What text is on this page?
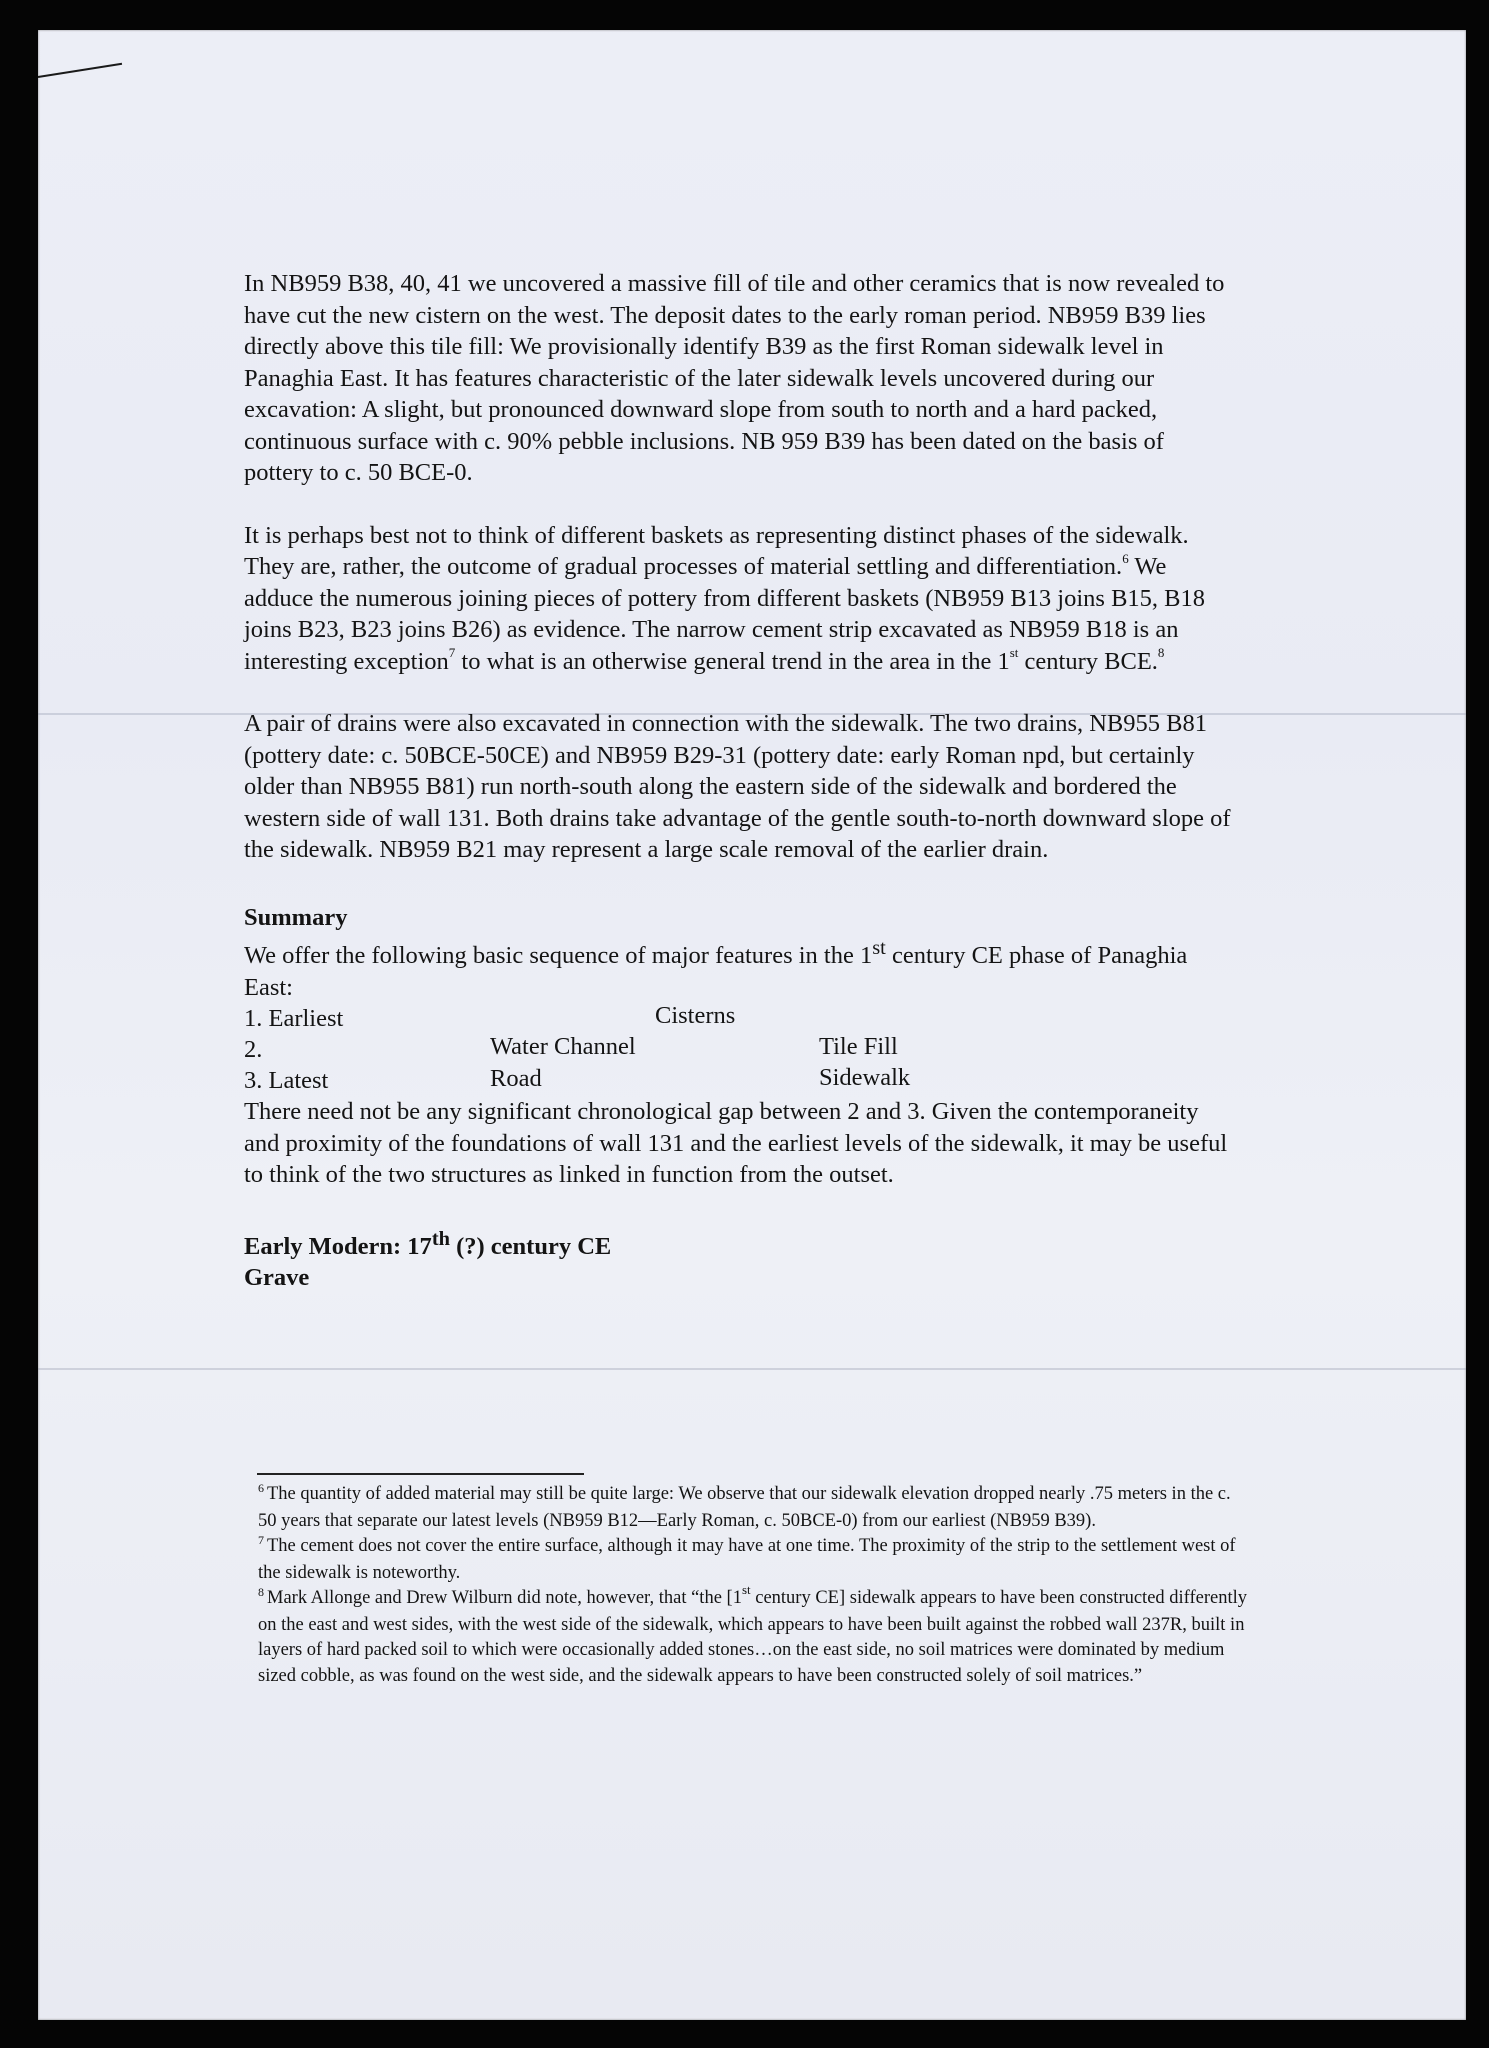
In NB959 B38, 40, 41 we uncovered a massive fill of tile and other ceramics that is now revealed to have cut the new cistern on the west. The deposit dates to the early roman period. NB959 B39 lies directly above this tile fill: We provisionally identify B39 as the first Roman sidewalk level in Panaghia East. It has features characteristic of the later sidewalk levels uncovered during our excavation: A slight, but pronounced downward slope from south to north and a hard packed, continuous surface with c. 90% pebble inclusions. NB 959 B39 has been dated on the basis of pottery to c. 50 BCE-0.

It is perhaps best not to think of different baskets as representing distinct phases of the sidewalk. They are, rather, the outcome of gradual processes of material settling and differentiation.$^6$ We adduce the numerous joining pieces of pottery from different baskets (NB959 B13 joins B15, B18 joins B23, B23 joins B26) as evidence. The narrow cement strip excavated as NB959 B18 is an interesting exception$^7$ to what is an otherwise general trend in the area in the 1st century BCE.$^8$

A pair of drains were also excavated in connection with the sidewalk. The two drains, NB955 B81 (pottery date: c. 50BCE-50CE) and NB959 B29-31 (pottery date: early Roman npd, but certainly older than NB955 B81) run north-south along the eastern side of the sidewalk and bordered the western side of wall 131. Both drains take advantage of the gentle south-to-north downward slope of the sidewalk. NB959 B21 may represent a large scale removal of the earlier drain.

Summary
We offer the following basic sequence of major features in the 1st century CE phase of Panaghia East:
1. Earliest	Cisterns
2.	Water Channel	Tile Fill
3. Latest	Road	Sidewalk

There need not be any significant chronological gap between 2 and 3. Given the contemporaneity and proximity of the foundations of wall 131 and the earliest levels of the sidewalk, it may be useful to think of the two structures as linked in function from the outset.

Early Modern: 17th (?) century CE
Grave

$^6$ The quantity of added material may still be quite large: We observe that our sidewalk elevation dropped nearly .75 meters in the c. 50 years that separate our latest levels (NB959 B12—Early Roman, c. 50BCE-0) from our earliest (NB959 B39).

$^7$ The cement does not cover the entire surface, although it may have at one time. The proximity of the strip to the settlement west of the sidewalk is noteworthy.

$^8$ Mark Allonge and Drew Wilburn did note, however, that “the [1st century CE] sidewalk appears to have been constructed differently on the east and west sides, with the west side of the sidewalk, which appears to have been built against the robbed wall 237R, built in layers of hard packed soil to which were occasionally added stones…on the east side, no soil matrices were dominated by medium sized cobble, as was found on the west side, and the sidewalk appears to have been constructed solely of soil matrices.”
